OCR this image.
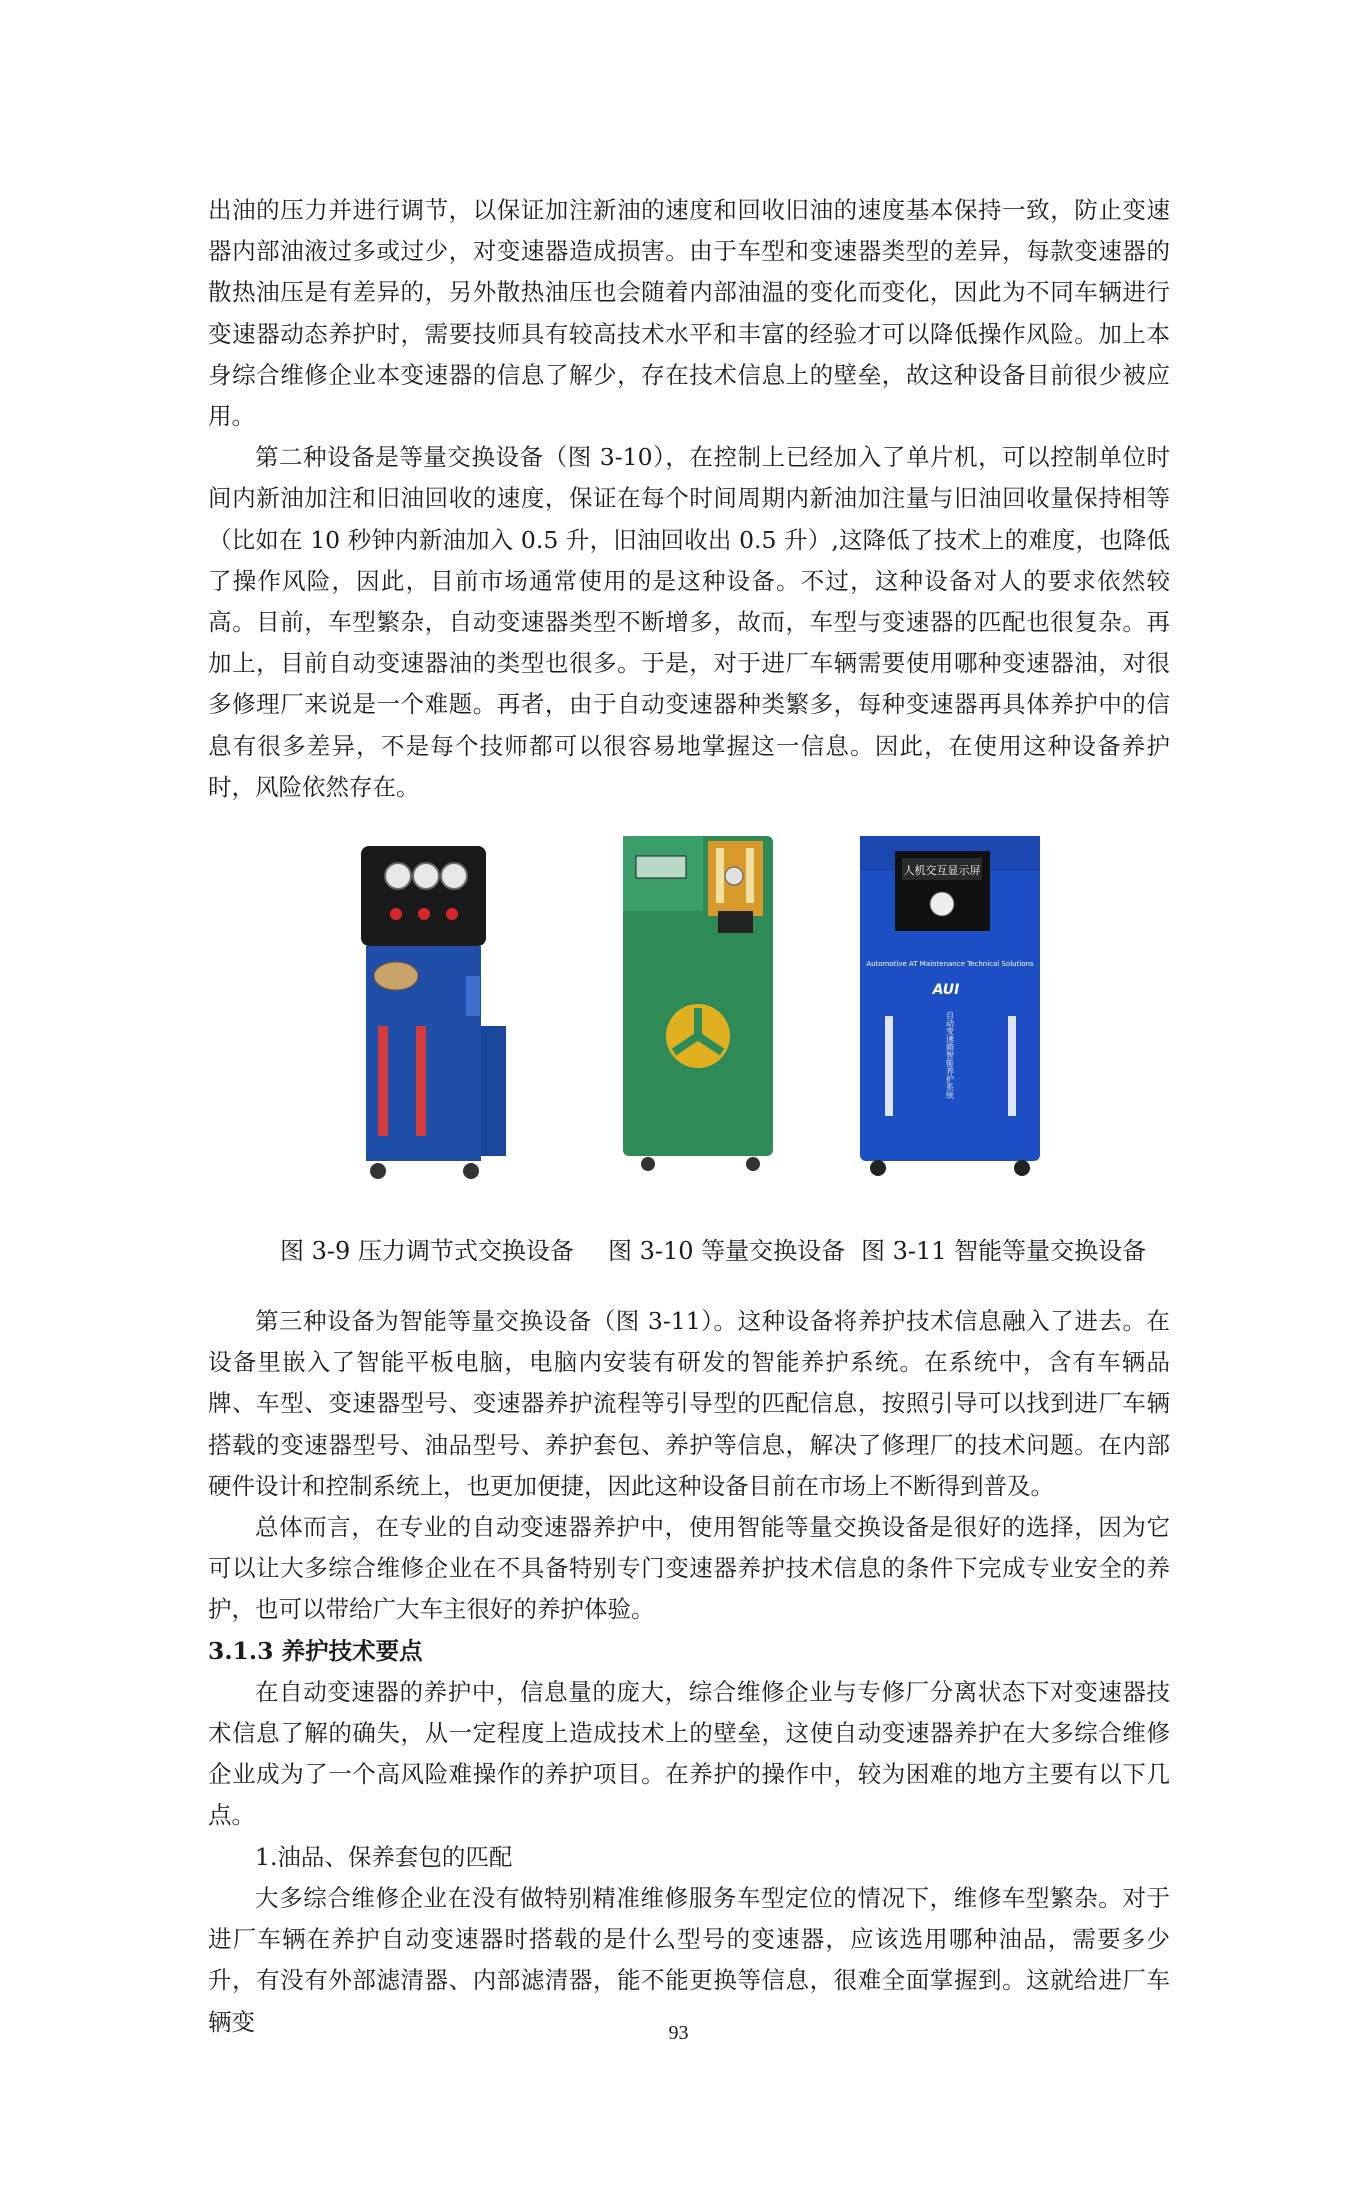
出油的压力并进行调节，以保证加注新油的速度和回收旧油的速度基本保持一致，防止变速器内部油液过多或过少，对变速器造成损害。由于车型和变速器类型的差异，每款变速器的散热油压是有差异的，另外散热油压也会随着内部油温的变化而变化，因此为不同车辆进行变速器动态养护时，需要技师具有较高技术水平和丰富的经验才可以降低操作风险。加上本身综合维修企业本变速器的信息了解少，存在技术信息上的壁垒，故这种设备目前很少被应用。

第二种设备是等量交换设备（图 3-10），在控制上已经加入了单片机，可以控制单位时间内新油加注和旧油回收的速度，保证在每个时间周期内新油加注量与旧油回收量保持相等（比如在 10 秒钟内新油加入 0.5 升，旧油回收出 0.5 升）,这降低了技术上的难度，也降低了操作风险，因此，目前市场通常使用的是这种设备。不过，这种设备对人的要求依然较高。目前，车型繁杂，自动变速器类型不断增多，故而，车型与变速器的匹配也很复杂。再加上，目前自动变速器油的类型也很多。于是，对于进厂车辆需要使用哪种变速器油，对很多修理厂来说是一个难题。再者，由于自动变速器种类繁多，每种变速器再具体养护中的信息有很多差异，不是每个技师都可以很容易地掌握这一信息。因此，在使用这种设备养护时，风险依然存在。

人机交互显示屏
Automotive AT Maintenance Technical Solutions
AUI
自动变速箱智能养护系统
图 3-9 压力调节式交换设备 图 3-10 等量交换设备 图 3-11 智能等量交换设备

第三种设备为智能等量交换设备（图 3-11）。这种设备将养护技术信息融入了进去。在设备里嵌入了智能平板电脑，电脑内安装有研发的智能养护系统。在系统中，含有车辆品牌、车型、变速器型号、变速器养护流程等引导型的匹配信息，按照引导可以找到进厂车辆搭载的变速器型号、油品型号、养护套包、养护等信息，解决了修理厂的技术问题。在内部硬件设计和控制系统上，也更加便捷，因此这种设备目前在市场上不断得到普及。

总体而言，在专业的自动变速器养护中，使用智能等量交换设备是很好的选择，因为它可以让大多综合维修企业在不具备特别专门变速器养护技术信息的条件下完成专业安全的养护，也可以带给广大车主很好的养护体验。

3.1.3 养护技术要点

在自动变速器的养护中，信息量的庞大，综合维修企业与专修厂分离状态下对变速器技术信息了解的确失，从一定程度上造成技术上的壁垒，这使自动变速器养护在大多综合维修企业成为了一个高风险难操作的养护项目。在养护的操作中，较为困难的地方主要有以下几点。

1.油品、保养套包的匹配

大多综合维修企业在没有做特别精准维修服务车型定位的情况下，维修车型繁杂。对于进厂车辆在养护自动变速器时搭载的是什么型号的变速器，应该选用哪种油品，需要多少升，有没有外部滤清器、内部滤清器，能不能更换等信息，很难全面掌握到。这就给进厂车辆变	93
